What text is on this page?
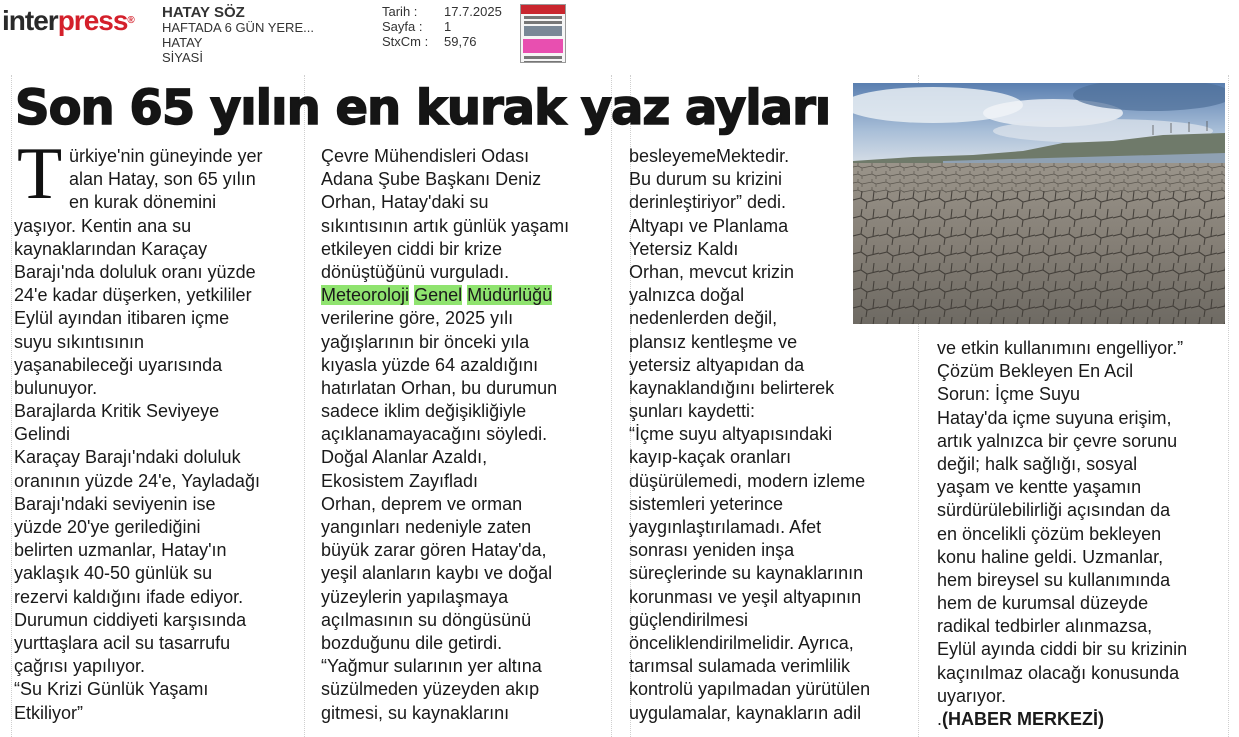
interpress® HATAY SÖZ
HAFTADA 6 GÜN YERE...
HATAY
SİYASİ
Tarih :	17.7.2025
Sayfa :	1
StxCm :	59,76
Son 65 yılın en kurak yaz ayları
T ürkiye'nin güneyinde yer
alan Hatay, son 65 yılın
en kurak dönemini
yaşıyor. Kentin ana su
kaynaklarından Karaçay
Barajı'nda doluluk oranı yüzde
24'e kadar düşerken, yetkililer
Eylül ayından itibaren içme
suyu sıkıntısının
yaşanabileceği uyarısında
bulunuyor.
Barajlarda Kritik Seviyeye
Gelindi
Karaçay Barajı'ndaki doluluk
oranının yüzde 24'e, Yayladağı
Barajı'ndaki seviyenin ise
yüzde 20'ye gerilediğini
belirten uzmanlar, Hatay'ın
yaklaşık 40-50 günlük su
rezervi kaldığını ifade ediyor.
Durumun ciddiyeti karşısında
yurttaşlara acil su tasarrufu
çağrısı yapılıyor.
“Su Krizi Günlük Yaşamı
Etkiliyor”
Çevre Mühendisleri Odası
Adana Şube Başkanı Deniz
Orhan, Hatay'daki su
sıkıntısının artık günlük yaşamı
etkileyen ciddi bir krize
dönüştüğünü vurguladı.
Meteoroloji Genel Müdürlüğü
verilerine göre, 2025 yılı
yağışlarının bir önceki yıla
kıyasla yüzde 64 azaldığını
hatırlatan Orhan, bu durumun
sadece iklim değişikliğiyle
açıklanamayacağını söyledi.
Doğal Alanlar Azaldı,
Ekosistem Zayıfladı
Orhan, deprem ve orman
yangınları nedeniyle zaten
büyük zarar gören Hatay'da,
yeşil alanların kaybı ve doğal
yüzeylerin yapılaşmaya
açılmasının su döngüsünü
bozduğunu dile getirdi.
“Yağmur sularının yer altına
süzülmeden yüzeyden akıp
gitmesi, su kaynaklarını
besleyemeMektedir.
Bu durum su krizini
derinleştiriyor” dedi.
Altyapı ve Planlama
Yetersiz Kaldı
Orhan, mevcut krizin
yalnızca doğal
nedenlerden değil,
plansız kentleşme ve
yetersiz altyapıdan da
kaynaklandığını belirterek
şunları kaydetti:
“İçme suyu altyapısındaki
kayıp-kaçak oranları
düşürülemedi, modern izleme
sistemleri yeterince
yaygınlaştırılamadı. Afet
sonrası yeniden inşa
süreçlerinde su kaynaklarının
korunması ve yeşil altyapının
güçlendirilmesi
önceliklendirilmelidir. Ayrıca,
tarımsal sulamada verimlilik
kontrolü yapılmadan yürütülen
uygulamalar, kaynakların adil
ve etkin kullanımını engelliyor.”
Çözüm Bekleyen En Acil
Sorun: İçme Suyu
Hatay'da içme suyuna erişim,
artık yalnızca bir çevre sorunu
değil; halk sağlığı, sosyal
yaşam ve kentte yaşamın
sürdürülebilirliği açısından da
en öncelikli çözüm bekleyen
konu haline geldi. Uzmanlar,
hem bireysel su kullanımında
hem de kurumsal düzeyde
radikal tedbirler alınmazsa,
Eylül ayında ciddi bir su krizinin
kaçınılmaz olacağı konusunda
uyarıyor.
.(HABER MERKEZİ)
